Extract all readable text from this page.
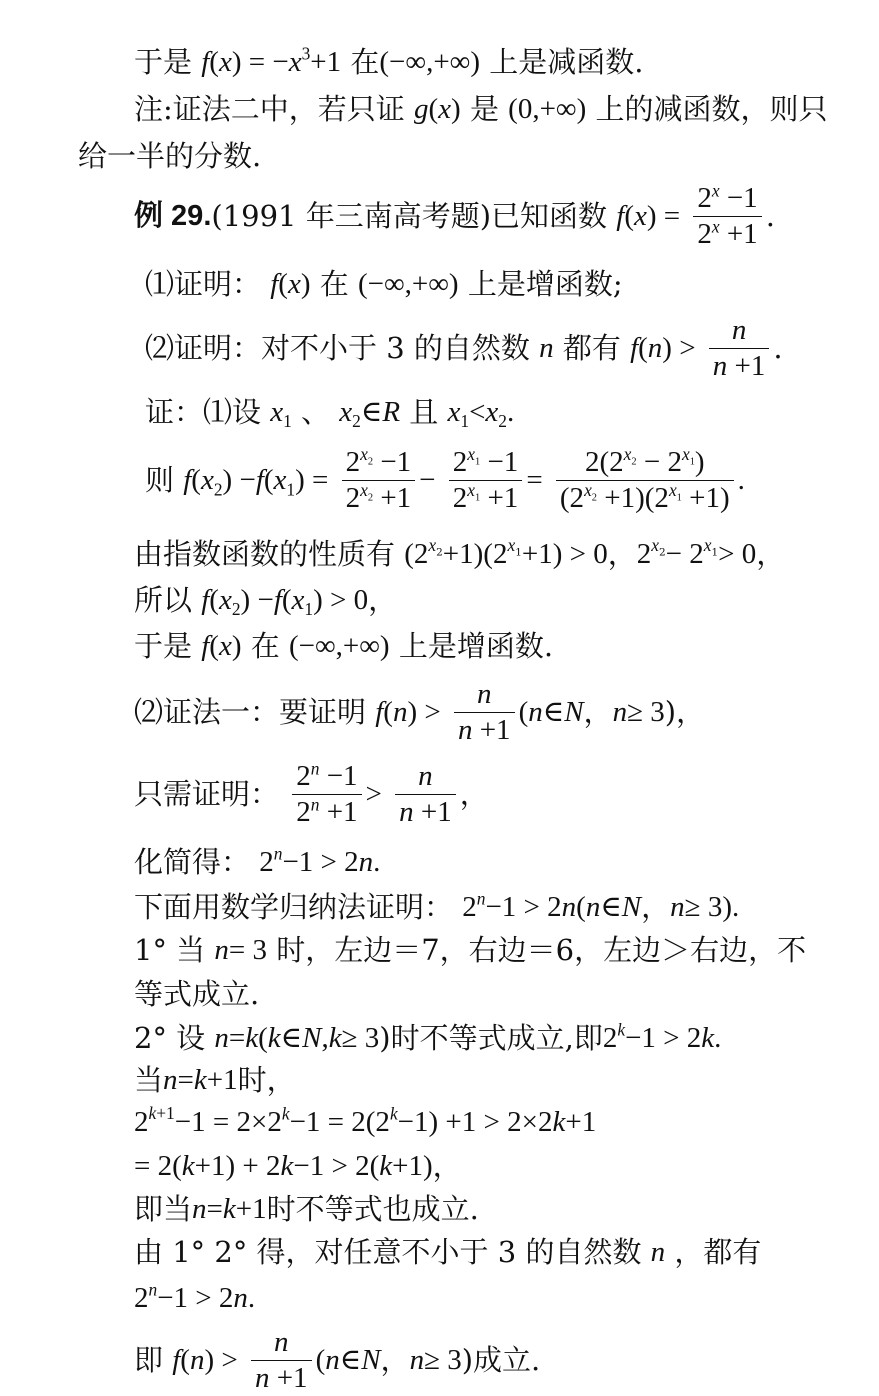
于是 $f(x) = -x^3+1$ 在(−∞,+∞) 上是减函数.
注:证法二中，若只证 g(x) 是 (0,+∞) 上的减函数，则只
给一半的分数.
例 29.(1991 年三南高考题)已知函数 $f(x) = \frac{2^x -1}{2^x +1}$ .
⑴证明： f(x) 在 (−∞,+∞) 上是增函数;
⑵证明：对不小于 3 的自然数 n 都有 $f(n) > \frac{n}{n +1}$ .
证：⑴设 $x_1$ 、 $x_2\in R$ 且 $x_1<x_2$.
则 $f(x_2) -f(x_1) = \frac{2^{x_2} -1}{2^{x_2} +1} - \frac{2^{x_1} -1}{2^{x_1} +1} = \frac{2(2^{x_2} - 2^{x_1})}{(2^{x_2} +1)(2^{x_1} +1)}$ .
由指数函数的性质有 $(2^{x_2}+1)(2^{x_1}+1) > 0$，$2^{x_2}- 2^{x_1}> 0$，
所以 $f(x_2) -f(x_1) > 0$，
于是 f(x) 在 (−∞,+∞) 上是增函数.
⑵证法一：要证明 $f(n) > \frac{n}{n +1}$ (n∈N，n≥ 3)，
只需证明： $\frac{2^n -1}{2^n +1} > \frac{n}{n +1}$ ，
化简得： $2^n-1 > 2n$.
下面用数学归纳法证明： $2^n-1$ > 2n(n∈N，n≥ 3).
1° 当 n= 3 时，左边＝7，右边＝6，左边＞右边，不
等式成立.
2° 设 n=k(k∈N,k≥ 3)时不等式成立,即$2^k-1 > 2k$.
当n=k+1时，
$2^{k+1}-1 = 2\times 2^k-1 = 2(2^k-1) +1 > 2\times 2k+1$
= 2(k+1) + 2k−1 > 2(k+1)，
即当n=k+1时不等式也成立.
由 1° 2° 得，对任意不小于 3 的自然数 n ，都有
$2^n-1 > 2n$.
即 $f(n) > \frac{n}{n +1}$ (n∈N，n≥ 3)成立.
